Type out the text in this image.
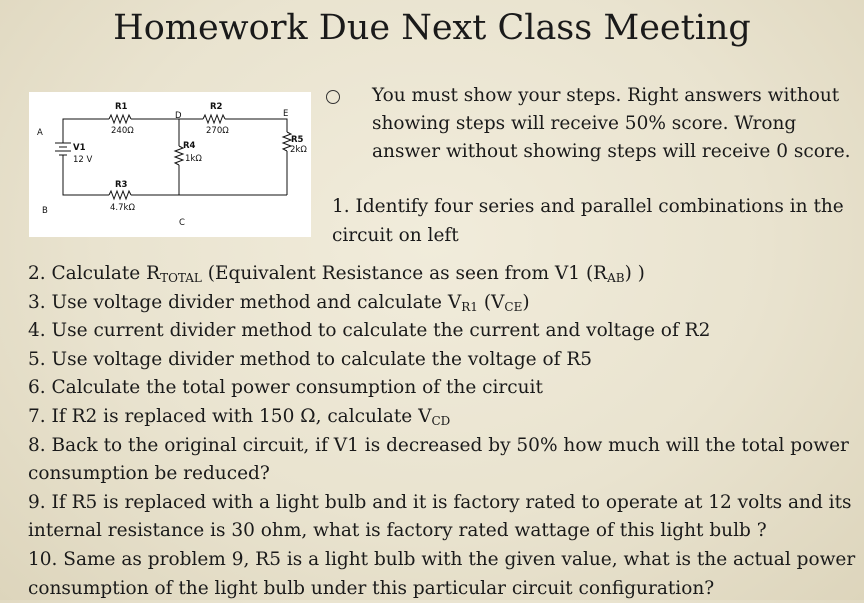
Homework Due Next Class Meeting
A
B
D	E
C
R1
240Ω
R2
270Ω
R3
4.7kΩ
R4
1kΩ
R5
2kΩ
V1
12 V
You must show your steps. Right answers without showing steps will receive 50% score. Wrong answer without showing steps will receive 0 score.
1. Identify four series and parallel combinations in the circuit on left

2. Calculate $R_{TOTAL}$ (Equivalent Resistance as seen from V1 $(R_{AB})$ )

3. Use voltage divider method and calculate $V_{R1}$ $(V_{CE})$

4. Use current divider method to calculate the current and voltage of R2

5. Use voltage divider method to calculate the voltage of R5

6. Calculate the total power consumption of the circuit

7. If R2 is replaced with 150 Ω, calculate $V_{CD}$

8. Back to the original circuit, if V1 is decreased by 50% how much will the total power consumption be reduced?

9. If R5 is replaced with a light bulb and it is factory rated to operate at 12 volts and its internal resistance is 30 ohm, what is factory rated wattage of this light bulb ?

10. Same as problem 9, R5 is a light bulb with the given value, what is the actual power consumption of the light bulb under this particular circuit configuration?
